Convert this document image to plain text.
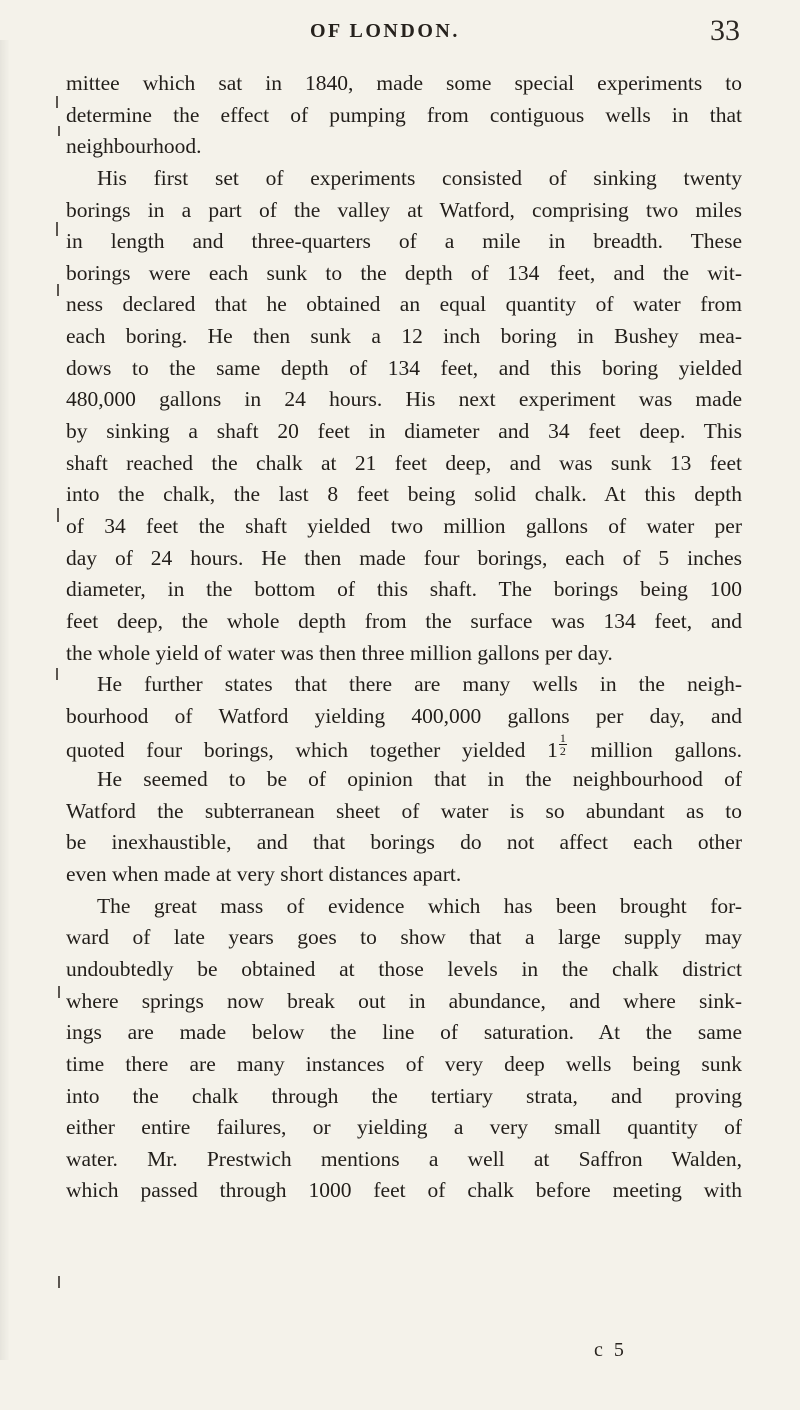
OF LONDON.	33
mittee which sat in 1840, made some special experiments to
determine the effect of pumping from contiguous wells in that
neighbourhood.
His first set of experiments consisted of sinking twenty
borings in a part of the valley at Watford, comprising two miles
in length and three-quarters of a mile in breadth. These
borings were each sunk to the depth of 134 feet, and the wit-
ness declared that he obtained an equal quantity of water from
each boring. He then sunk a 12 inch boring in Bushey mea-
dows to the same depth of 134 feet, and this boring yielded
480,000 gallons in 24 hours. His next experiment was made
by sinking a shaft 20 feet in diameter and 34 feet deep. This
shaft reached the chalk at 21 feet deep, and was sunk 13 feet
into the chalk, the last 8 feet being solid chalk. At this depth
of 34 feet the shaft yielded two million gallons of water per
day of 24 hours. He then made four borings, each of 5 inches
diameter, in the bottom of this shaft. The borings being 100
feet deep, the whole depth from the surface was 134 feet, and
the whole yield of water was then three million gallons per day.
He further states that there are many wells in the neigh-
bourhood of Watford yielding 400,000 gallons per day, and
quoted four borings, which together yielded $1 \frac{1}{2}$ million gallons.
He seemed to be of opinion that in the neighbourhood of
Watford the subterranean sheet of water is so abundant as to
be inexhaustible, and that borings do not affect each other
even when made at very short distances apart.
The great mass of evidence which has been brought for-
ward of late years goes to show that a large supply may
undoubtedly be obtained at those levels in the chalk district
where springs now break out in abundance, and where sink-
ings are made below the line of saturation. At the same
time there are many instances of very deep wells being sunk
into the chalk through the tertiary strata, and proving
either entire failures, or yielding a very small quantity of
water. Mr. Prestwich mentions a well at Saffron Walden,
which passed through 1000 feet of chalk before meeting with
c 5
